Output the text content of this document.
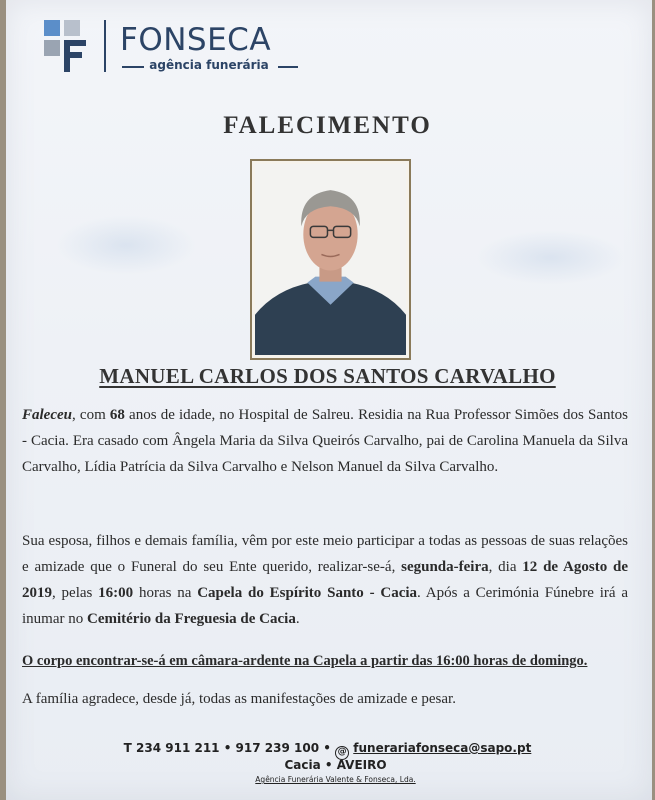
FONSECA
agência funerária
FALECIMENTO
MANUEL CARLOS DOS SANTOS CARVALHO

Faleceu, com 68 anos de idade, no Hospital de Salreu. Residia na Rua Professor Simões dos Santos - Cacia. Era casado com Ângela Maria da Silva Queirós Carvalho, pai de Carolina Manuela da Silva Carvalho, Lídia Patrícia da Silva Carvalho e Nelson Manuel da Silva Carvalho.

Sua esposa, filhos e demais família, vêm por este meio participar a todas as pessoas de suas relações e amizade que o Funeral do seu Ente querido, realizar-se-á, segunda-feira, dia 12 de Agosto de 2019, pelas 16:00 horas na Capela do Espírito Santo - Cacia. Após a Cerimónia Fúnebre irá a inumar no Cemitério da Freguesia de Cacia.

O corpo encontrar-se-á em câmara-ardente na Capela a partir das 16:00 horas de domingo.

A família agradece, desde já, todas as manifestações de amizade e pesar.

T 234 911 211 • 917 239 100 • @ funerariafonseca@sapo.pt
Cacia • AVEIRO
Agência Funerária Valente & Fonseca, Lda.
